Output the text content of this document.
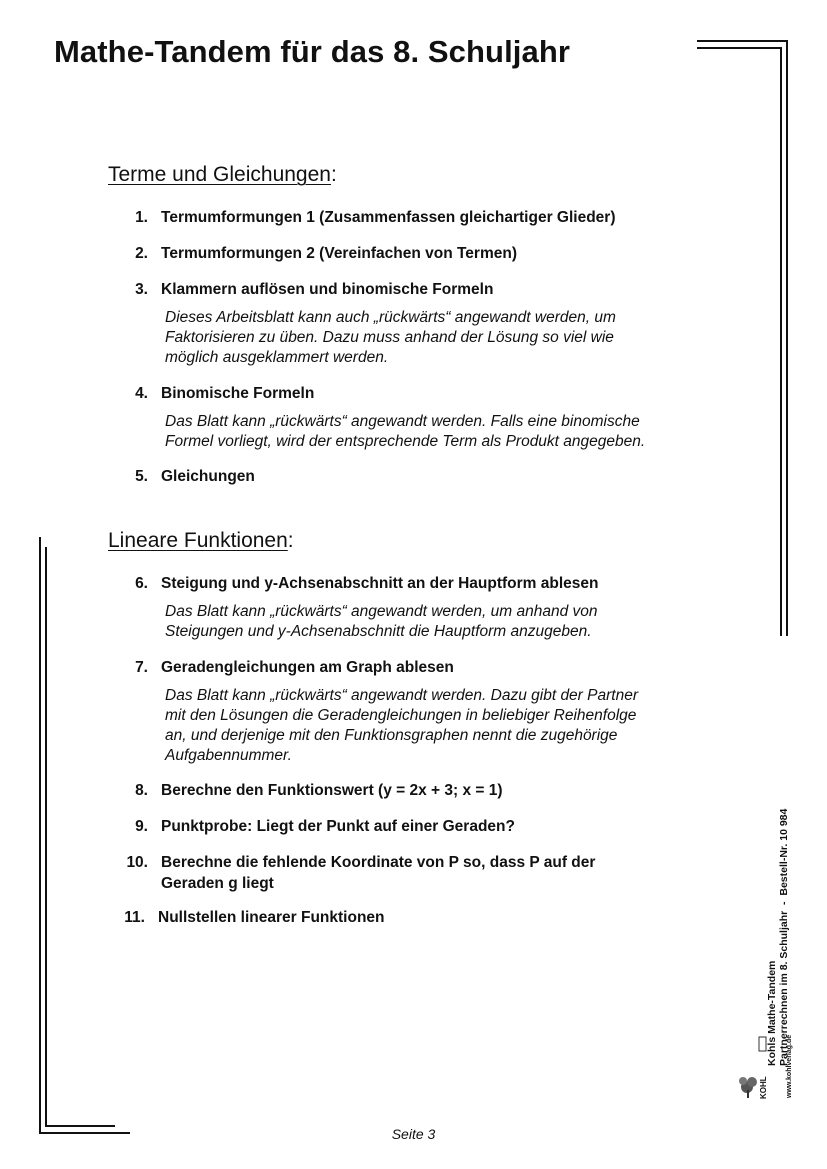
Mathe-Tandem für das 8. Schuljahr
Terme und Gleichungen:
1. Termumformungen 1 (Zusammenfassen gleichartiger Glieder)
2. Termumformungen 2 (Vereinfachen von Termen)
3. Klammern auflösen und binomische Formeln
Dieses Arbeitsblatt kann auch „rückwärts“ angewandt werden, um
Faktorisieren zu üben. Dazu muss anhand der Lösung so viel wie
möglich ausgeklammert werden.
4. Binomische Formeln
Das Blatt kann „rückwärts“ angewandt werden. Falls eine binomische
Formel vorliegt, wird der entsprechende Term als Produkt angegeben.
5. Gleichungen
Lineare Funktionen:
6. Steigung und y-Achsenabschnitt an der Hauptform ablesen
Das Blatt kann „rückwärts“ angewandt werden, um anhand von
Steigungen und y-Achsenabschnitt die Hauptform anzugeben.
7. Geradengleichungen am Graph ablesen
Das Blatt kann „rückwärts“ angewandt werden. Dazu gibt der Partner
mit den Lösungen die Geradengleichungen in beliebiger Reihenfolge
an, und derjenige mit den Funktionsgraphen nennt die zugehörige
Aufgabennummer.
8. Berechne den Funktionswert (y = 2x + 3; x = 1)
9. Punktprobe: Liegt der Punkt auf einer Geraden?
10. Berechne die fehlende Koordinate von P so, dass P auf der
Geraden g liegt
11. Nullstellen linearer Funktionen
Kohls Mathe-Tandem Partnerrechnen im 8. Schuljahr  -  Bestell-Nr. 10 984
www.kohlverlag.de
KOHL
Seite 3
